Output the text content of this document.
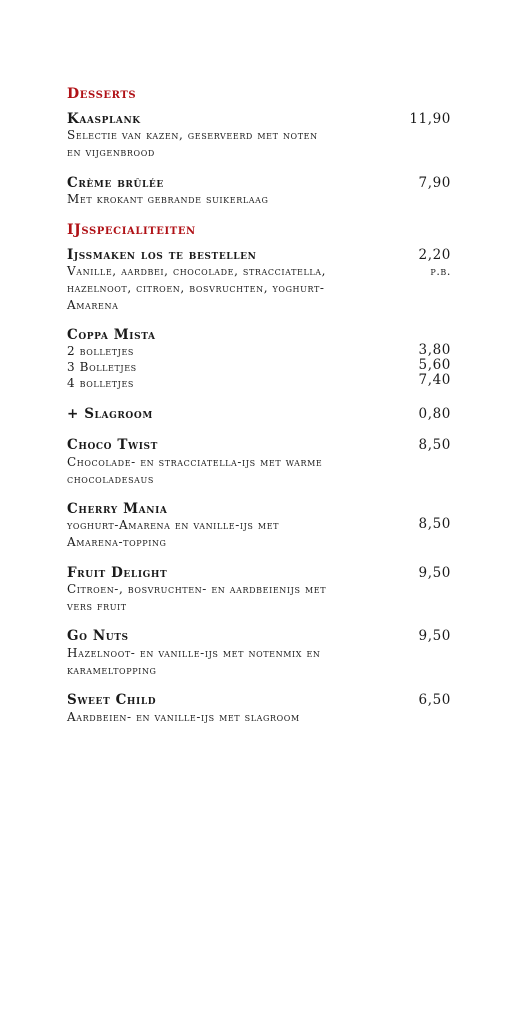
Desserts
Kaasplank	11,90
Selectie van kazen, geserveerd met noten
en vijgenbrood
Crème brûlée	7,90
Met krokant gebrande suikerlaag
IJsspecialiteiten
Ijssmaken los te bestellen	2,20
p.b.
Vanille, aardbei, chocolade, stracciatella,
hazelnoot, citroen, bosvruchten, yoghurt-
Amarena
Coppa Mista
2 bolletjes	3,80
3 Bolletjes	5,60
4 bolletjes	7,40
+ Slagroom	0,80
Choco Twist	8,50
Chocolade- en stracciatella-ijs met warme
chocoladesaus
Cherry Mania
yoghurt-Amarena en vanille-ijs met	8,50
Amarena-topping
Fruit Delight	9,50
Citroen-, bosvruchten- en aardbeienijs met
vers fruit
Go Nuts	9,50
Hazelnoot- en vanille-ijs met notenmix en
karameltopping
Sweet Child	6,50
Aardbeien- en vanille-ijs met slagroom
